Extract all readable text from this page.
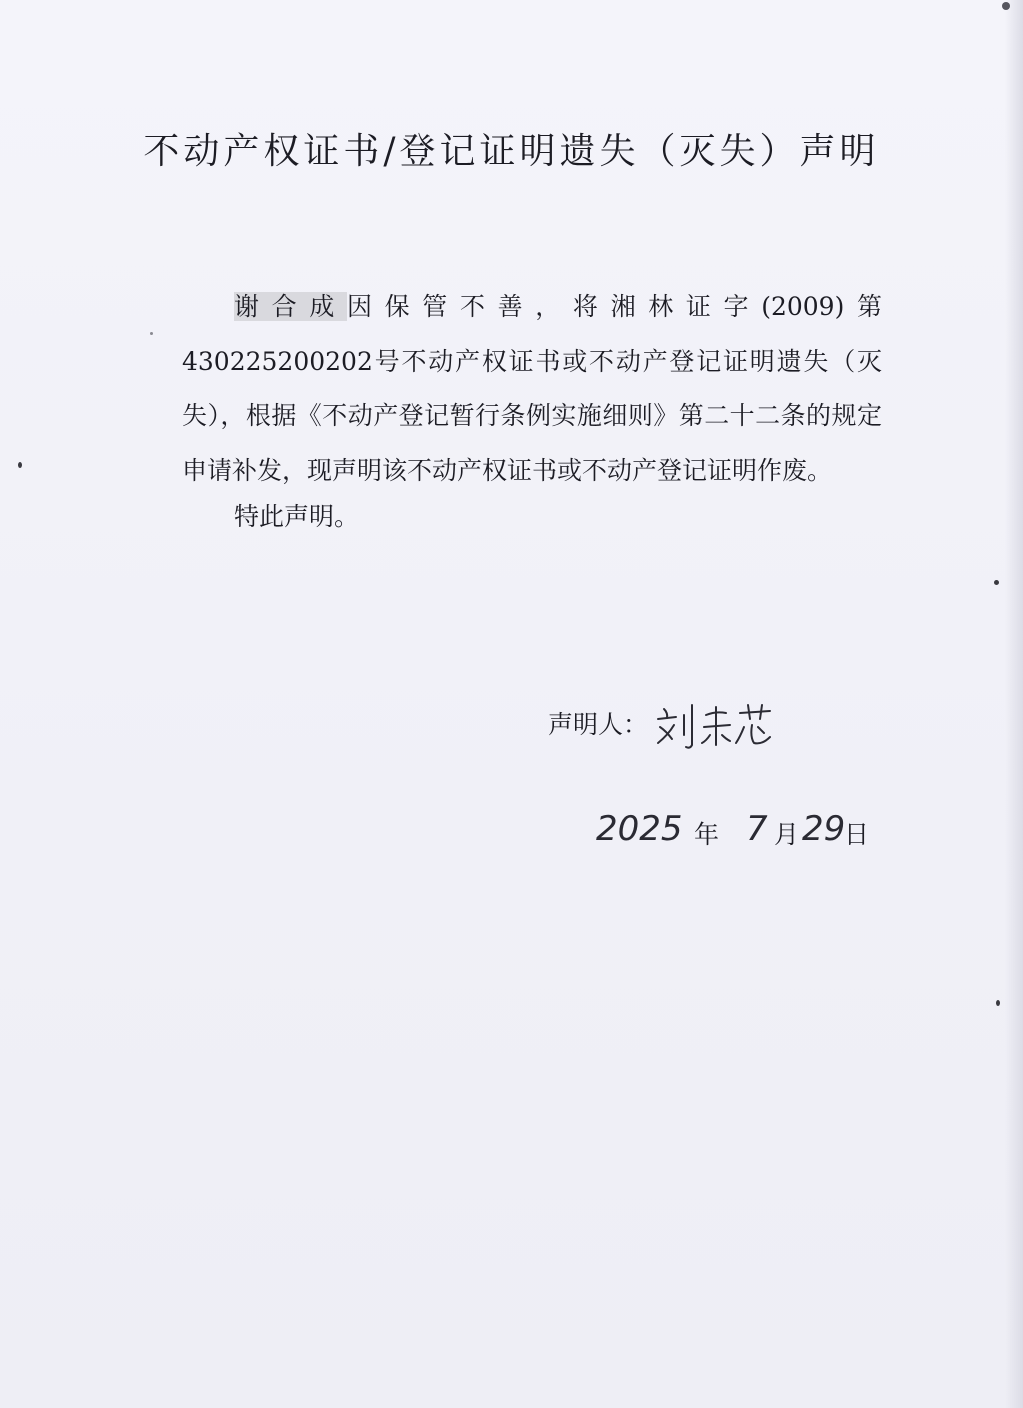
不动产权证书/登记证明遗失（灭失）声明

谢合成因保管不善，将湘林证字(2009)第 430225200202号不动产权证书或不动产登记证明遗失（灭失），根据《不动产登记暂行条例实施细则》第二十二条的规定申请补发，现声明该不动产权证书或不动产登记证明作废。

特此声明。

声明人：
2025 年 7 月 29
日
